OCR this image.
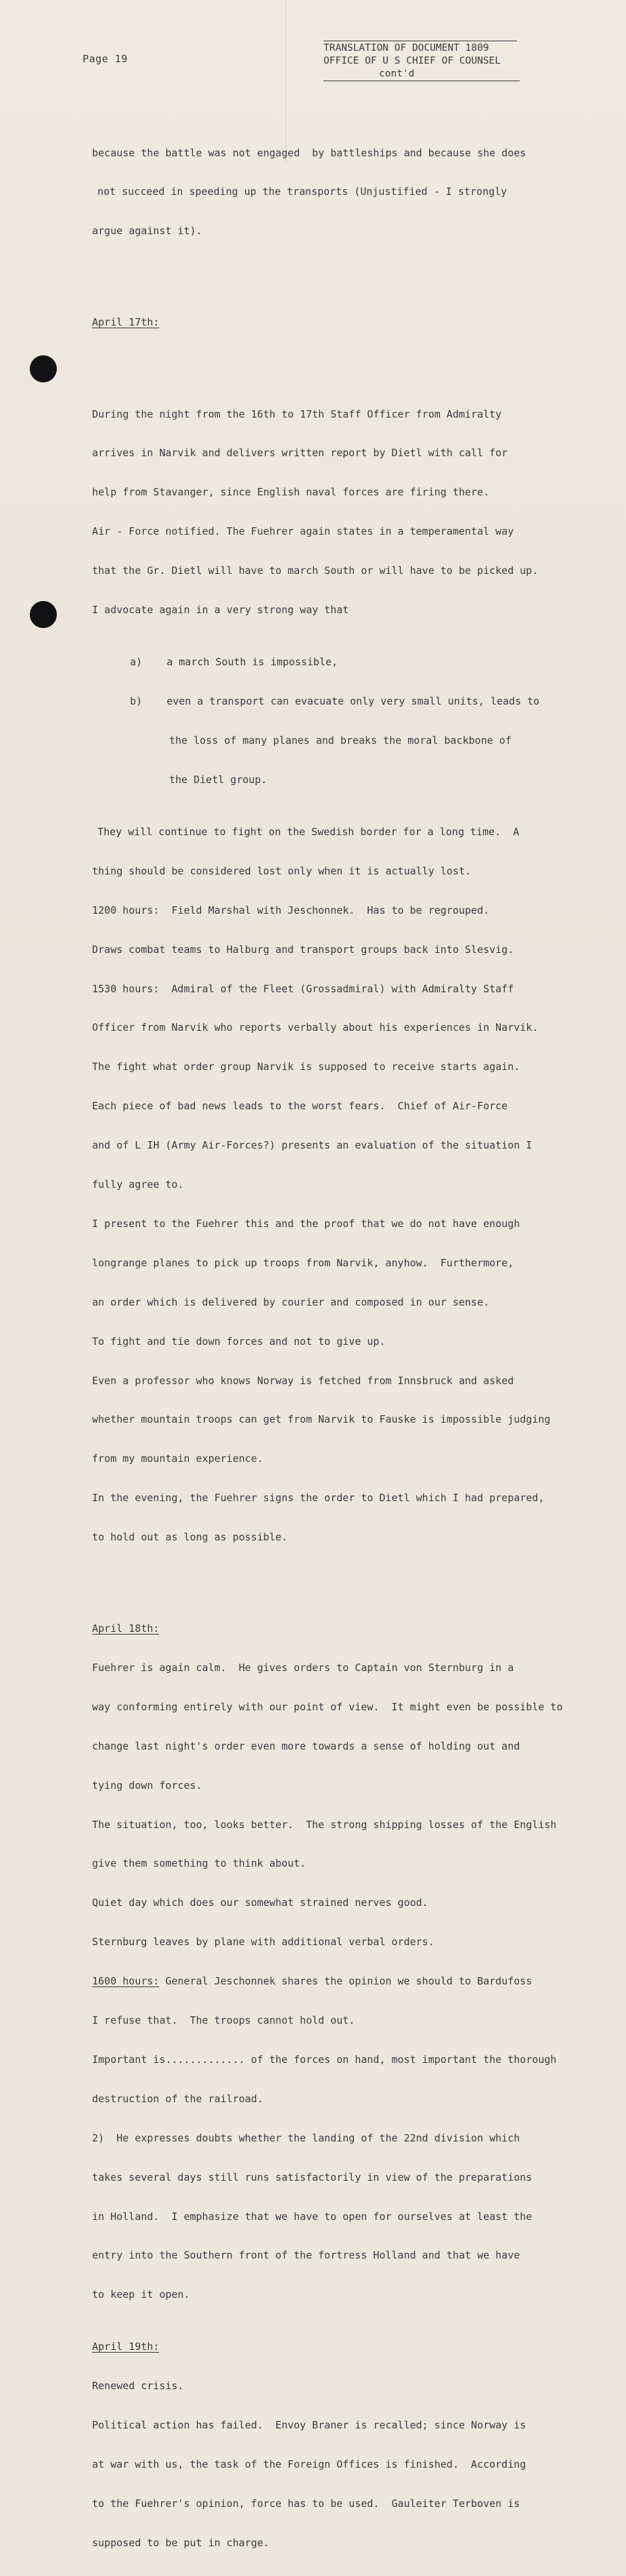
Page 19
TRANSLATION OF DOCUMENT 1809
OFFICE OF U S CHIEF OF COUNSEL
cont'd

because the battle was not engaged  by battleships and because she does

not succeed in speeding up the transports (Unjustified - I strongly

argue against it).

April 17th:

During the night from the 16th to 17th Staff Officer from Admiralty

arrives in Narvik and delivers written report by Dietl with call for

help from Stavanger, since English naval forces are firing there.

Air - Force notified. The Fuehrer again states in a temperamental way

that the Gr. Dietl will have to march South or will have to be picked up.

I advocate again in a very strong way that

a) a march South is impossible,

b) even a transport can evacuate only very small units, leads to

the loss of many planes and breaks the moral backbone of

the Dietl group.

They will continue to fight on the Swedish border for a long time.  A

thing should be considered lost only when it is actually lost.

1200 hours:  Field Marshal with Jeschonnek.  Has to be regrouped.

Draws combat teams to Halburg and transport groups back into Slesvig.

1530 hours:  Admiral of the Fleet (Grossadmiral) with Admiralty Staff

Officer from Narvik who reports verbally about his experiences in Narvik.

The fight what order group Narvik is supposed to receive starts again.

Each piece of bad news leads to the worst fears.  Chief of Air-Force

and of L IH (Army Air-Forces?) presents an evaluation of the situation I

fully agree to.

I present to the Fuehrer this and the proof that we do not have enough

longrange planes to pick up troops from Narvik, anyhow.  Furthermore,

an order which is delivered by courier and composed in our sense.

To fight and tie down forces and not to give up.

Even a professor who knows Norway is fetched from Innsbruck and asked

whether mountain troops can get from Narvik to Fauske is impossible judging

from my mountain experience.

In the evening, the Fuehrer signs the order to Dietl which I had prepared,

to hold out as long as possible.

April 18th:

Fuehrer is again calm.  He gives orders to Captain von Sternburg in a

way conforming entirely with our point of view.  It might even be possible to

change last night's order even more towards a sense of holding out and

tying down forces.

The situation, too, looks better.  The strong shipping losses of the English

give them something to think about.

Quiet day which does our somewhat strained nerves good.

Sternburg leaves by plane with additional verbal orders.

1600 hours: General Jeschonnek shares the opinion we should to Bardufoss

I refuse that.  The troops cannot hold out.

Important is............. of the forces on hand, most important the thorough

destruction of the railroad.

2)  He expresses doubts whether the landing of the 22nd division which

takes several days still runs satisfactorily in view of the preparations

in Holland.  I emphasize that we have to open for ourselves at least the

entry into the Southern front of the fortress Holland and that we have

to keep it open.

April 19th:

Renewed crisis.

Political action has failed.  Envoy Braner is recalled; since Norway is

at war with us, the task of the Foreign Offices is finished.  According

to the Fuehrer's opinion, force has to be used.  Gauleiter Terboven is

supposed to be put in charge.
